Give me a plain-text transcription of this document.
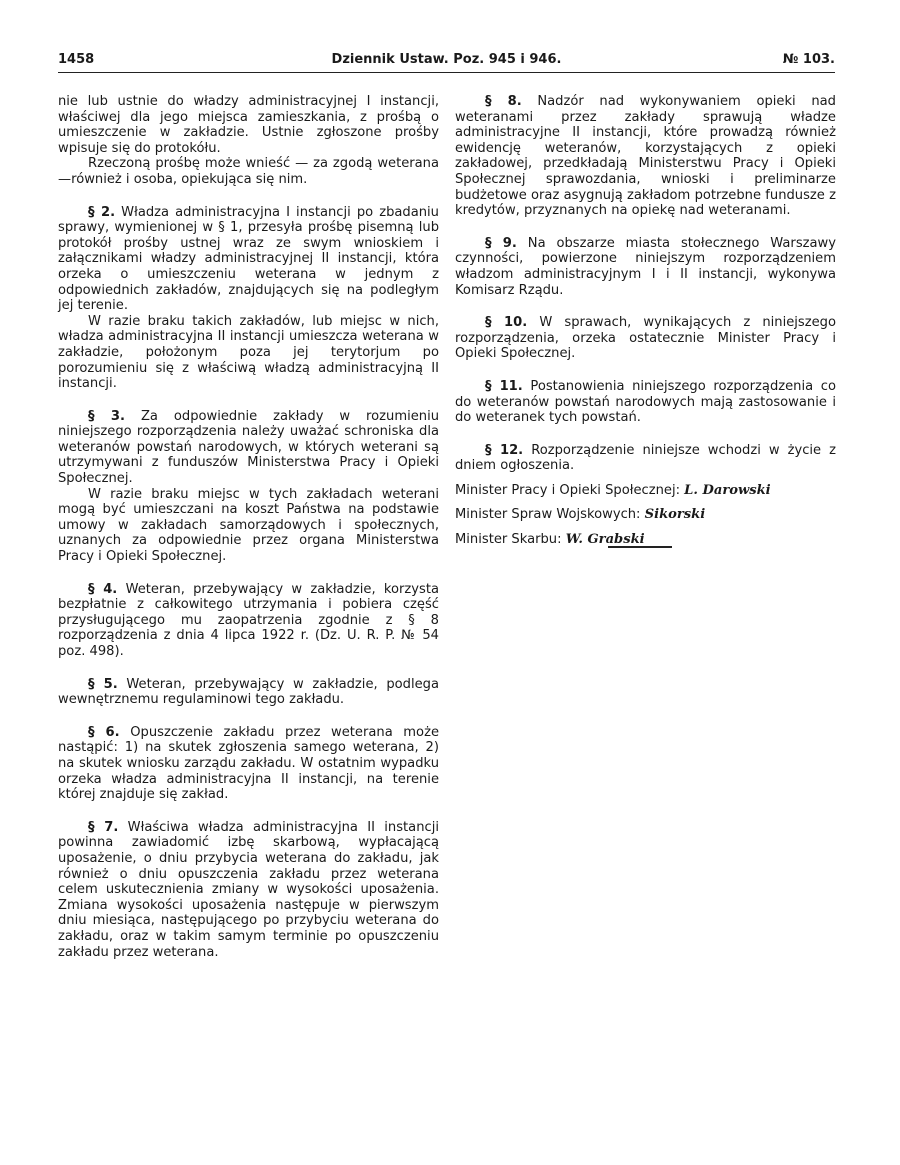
1458	Dziennik Ustaw. Poz. 945 i 946.	№ 103.

nie lub ustnie do władzy administracyjnej I instancji, właściwej dla jego miejsca zamieszkania, z prośbą o umieszczenie w zakładzie. Ustnie zgłoszone prośby wpisuje się do protokółu.

Rzeczoną prośbę może wnieść — za zgodą weterana—również i osoba, opiekująca się nim.

§ 2. Władza administracyjna I instancji po zbadaniu sprawy, wymienionej w § 1, przesyła prośbę pisemną lub protokół prośby ustnej wraz ze swym wnioskiem i załącznikami władzy administracyjnej II instancji, która orzeka o umieszczeniu weterana w jednym z odpowiednich zakładów, znajdujących się na podległym jej terenie.

W razie braku takich zakładów, lub miejsc w nich, władza administracyjna II instancji umieszcza weterana w zakładzie, położonym poza jej terytorjum po porozumieniu się z właściwą władzą administracyjną II instancji.

§ 3. Za odpowiednie zakłady w rozumieniu niniejszego rozporządzenia należy uważać schroniska dla weteranów powstań narodowych, w których weterani są utrzymywani z funduszów Ministerstwa Pracy i Opieki Społecznej.

W razie braku miejsc w tych zakładach weterani mogą być umieszczani na koszt Państwa na podstawie umowy w zakładach samorządowych i społecznych, uznanych za odpowiednie przez organa Ministerstwa Pracy i Opieki Społecznej.

§ 4. Weteran, przebywający w zakładzie, korzysta bezpłatnie z całkowitego utrzymania i pobiera część przysługującego mu zaopatrzenia zgodnie z § 8 rozporządzenia z dnia 4 lipca 1922 r. (Dz. U. R. P. № 54 poz. 498).

§ 5. Weteran, przebywający w zakładzie, podlega wewnętrznemu regulaminowi tego zakładu.

§ 6. Opuszczenie zakładu przez weterana może nastąpić: 1) na skutek zgłoszenia samego weterana, 2) na skutek wniosku zarządu zakładu. W ostatnim wypadku orzeka władza administracyjna II instancji, na terenie której znajduje się zakład.

§ 7. Właściwa władza administracyjna II instancji powinna zawiadomić izbę skarbową, wypłacającą uposażenie, o dniu przybycia weterana do zakładu, jak również o dniu opuszczenia zakładu przez weterana celem uskutecznienia zmiany w wysokości uposażenia. Zmiana wysokości uposażenia następuje w pierwszym dniu miesiąca, następującego po przybyciu weterana do zakładu, oraz w takim samym terminie po opuszczeniu zakładu przez weterana.

§ 8. Nadzór nad wykonywaniem opieki nad weteranami przez zakłady sprawują władze administracyjne II instancji, które prowadzą również ewidencję weteranów, korzystających z opieki zakładowej, przedkładają Ministerstwu Pracy i Opieki Społecznej sprawozdania, wnioski i preliminarze budżetowe oraz asygnują zakładom potrzebne fundusze z kredytów, przyznanych na opiekę nad weteranami.

§ 9. Na obszarze miasta stołecznego Warszawy czynności, powierzone niniejszym rozporządzeniem władzom administracyjnym I i II instancji, wykonywa Komisarz Rządu.

§ 10. W sprawach, wynikających z niniejszego rozporządzenia, orzeka ostatecznie Minister Pracy i Opieki Społecznej.

§ 11. Postanowienia niniejszego rozporządzenia co do weteranów powstań narodowych mają zastosowanie i do weteranek tych powstań.

§ 12. Rozporządzenie niniejsze wchodzi w życie z dniem ogłoszenia.

Minister Pracy i Opieki Społecznej: L. Darowski

Minister Spraw Wojskowych: Sikorski

Minister Skarbu: W. Grabski
